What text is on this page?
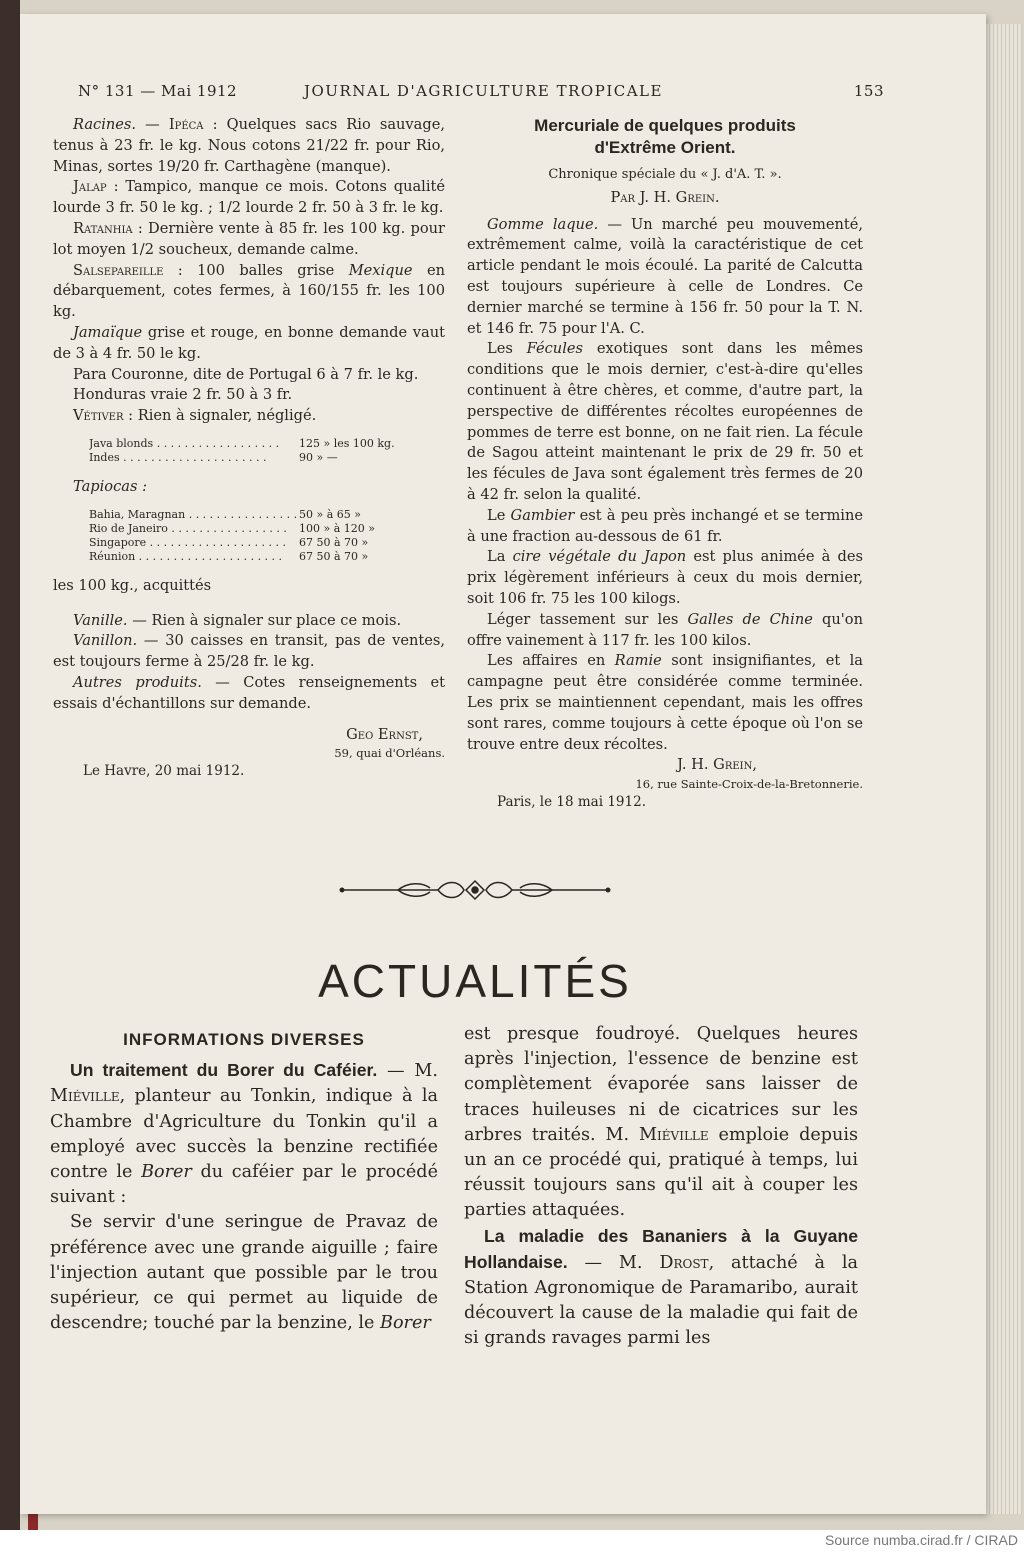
N° 131 — Mai 1912	JOURNAL D'AGRICULTURE TROPICALE	153

Racines. — Ipéca : Quelques sacs Rio sauvage, tenus à 23 fr. le kg. Nous cotons 21/22 fr. pour Rio, Minas, sortes 19/20 fr. Carthagène (manque).

Jalap : Tampico, manque ce mois. Cotons qualité lourde 3 fr. 50 le kg. ; 1/2 lourde 2 fr. 50 à 3 fr. le kg.

Ratanhia : Dernière vente à 85 fr. les 100 kg. pour lot moyen 1/2 soucheux, demande calme.

Salsepareille : 100 balles grise Mexique en débarquement, cotes fermes, à 160/155 fr. les 100 kg.

Jamaïque grise et rouge, en bonne demande vaut de 3 à 4 fr. 50 le kg.

Para Couronne, dite de Portugal 6 à 7 fr. le kg.

Honduras vraie 2 fr. 50 à 3 fr.

Vétiver : Rien à signaler, négligé.

Java blonds . . . . . . . . . . . . . . . . . .	125 » les 100 kg.
Indes . . . . . . . . . . . . . . . . . . . . .	90 » —

Tapiocas :

Bahia, Maragnan . . . . . . . . . . . . . . . . 50 » à 65 »
Rio de Janeiro . . . . . . . . . . . . . . . . .	100 » à 120 »
Singapore . . . . . . . . . . . . . . . . . . . .	67 50 à 70 »
Réunion . . . . . . . . . . . . . . . . . . . . .	67 50 à 70 »

les 100 kg., acquittés

Vanille. — Rien à signaler sur place ce mois.

Vanillon. — 30 caisses en transit, pas de ventes, est toujours ferme à 25/28 fr. le kg.

Autres produits. — Cotes renseignements et essais d'échantillons sur demande.

Geo Ernst,

59, quai d'Orléans.

Le Havre, 20 mai 1912.

Mercuriale de quelques produits
d'Extrême Orient.

Chronique spéciale du « J. d'A. T. ».

Par J. H. Grein.

Gomme laque. — Un marché peu mouvementé, extrêmement calme, voilà la caractéristique de cet article pendant le mois écoulé. La parité de Calcutta est toujours supérieure à celle de Londres. Ce dernier marché se termine à 156 fr. 50 pour la T. N. et 146 fr. 75 pour l'A. C.

Les Fécules exotiques sont dans les mêmes conditions que le mois dernier, c'est-à-dire qu'elles continuent à être chères, et comme, d'autre part, la perspective de différentes récoltes européennes de pommes de terre est bonne, on ne fait rien. La fécule de Sagou atteint maintenant le prix de 29 fr. 50 et les fécules de Java sont également très fermes de 20 à 42 fr. selon la qualité.

Le Gambier est à peu près inchangé et se termine à une fraction au-dessous de 61 fr.

La cire végétale du Japon est plus animée à des prix légèrement inférieurs à ceux du mois dernier, soit 106 fr. 75 les 100 kilogs.

Léger tassement sur les Galles de Chine qu'on offre vainement à 117 fr. les 100 kilos.

Les affaires en Ramie sont insignifiantes, et la campagne peut être considérée comme terminée. Les prix se maintiennent cependant, mais les offres sont rares, comme toujours à cette époque où l'on se trouve entre deux récoltes.

J. H. Grein,

16, rue Sainte-Croix-de-la-Bretonnerie.

Paris, le 18 mai 1912.

ACTUALITÉS

INFORMATIONS DIVERSES

Un traitement du Borer du Caféier. — M. Miéville, planteur au Tonkin, indique à la Chambre d'Agriculture du Tonkin qu'il a employé avec succès la benzine rectifiée contre le Borer du caféier par le procédé suivant :

Se servir d'une seringue de Pravaz de préférence avec une grande aiguille ; faire l'injection autant que possible par le trou supérieur, ce qui permet au liquide de descendre; touché par la benzine, le Borer

est presque foudroyé. Quelques heures après l'injection, l'essence de benzine est complètement évaporée sans laisser de traces huileuses ni de cicatrices sur les arbres traités. M. Miéville emploie depuis un an ce procédé qui, pratiqué à temps, lui réussit toujours sans qu'il ait à couper les parties attaquées.

La maladie des Bananiers à la Guyane Hollandaise. — M. Drost, attaché à la Station Agronomique de Paramaribo, aurait découvert la cause de la maladie qui fait de si grands ravages parmi les

Source numba.cirad.fr / CIRAD
